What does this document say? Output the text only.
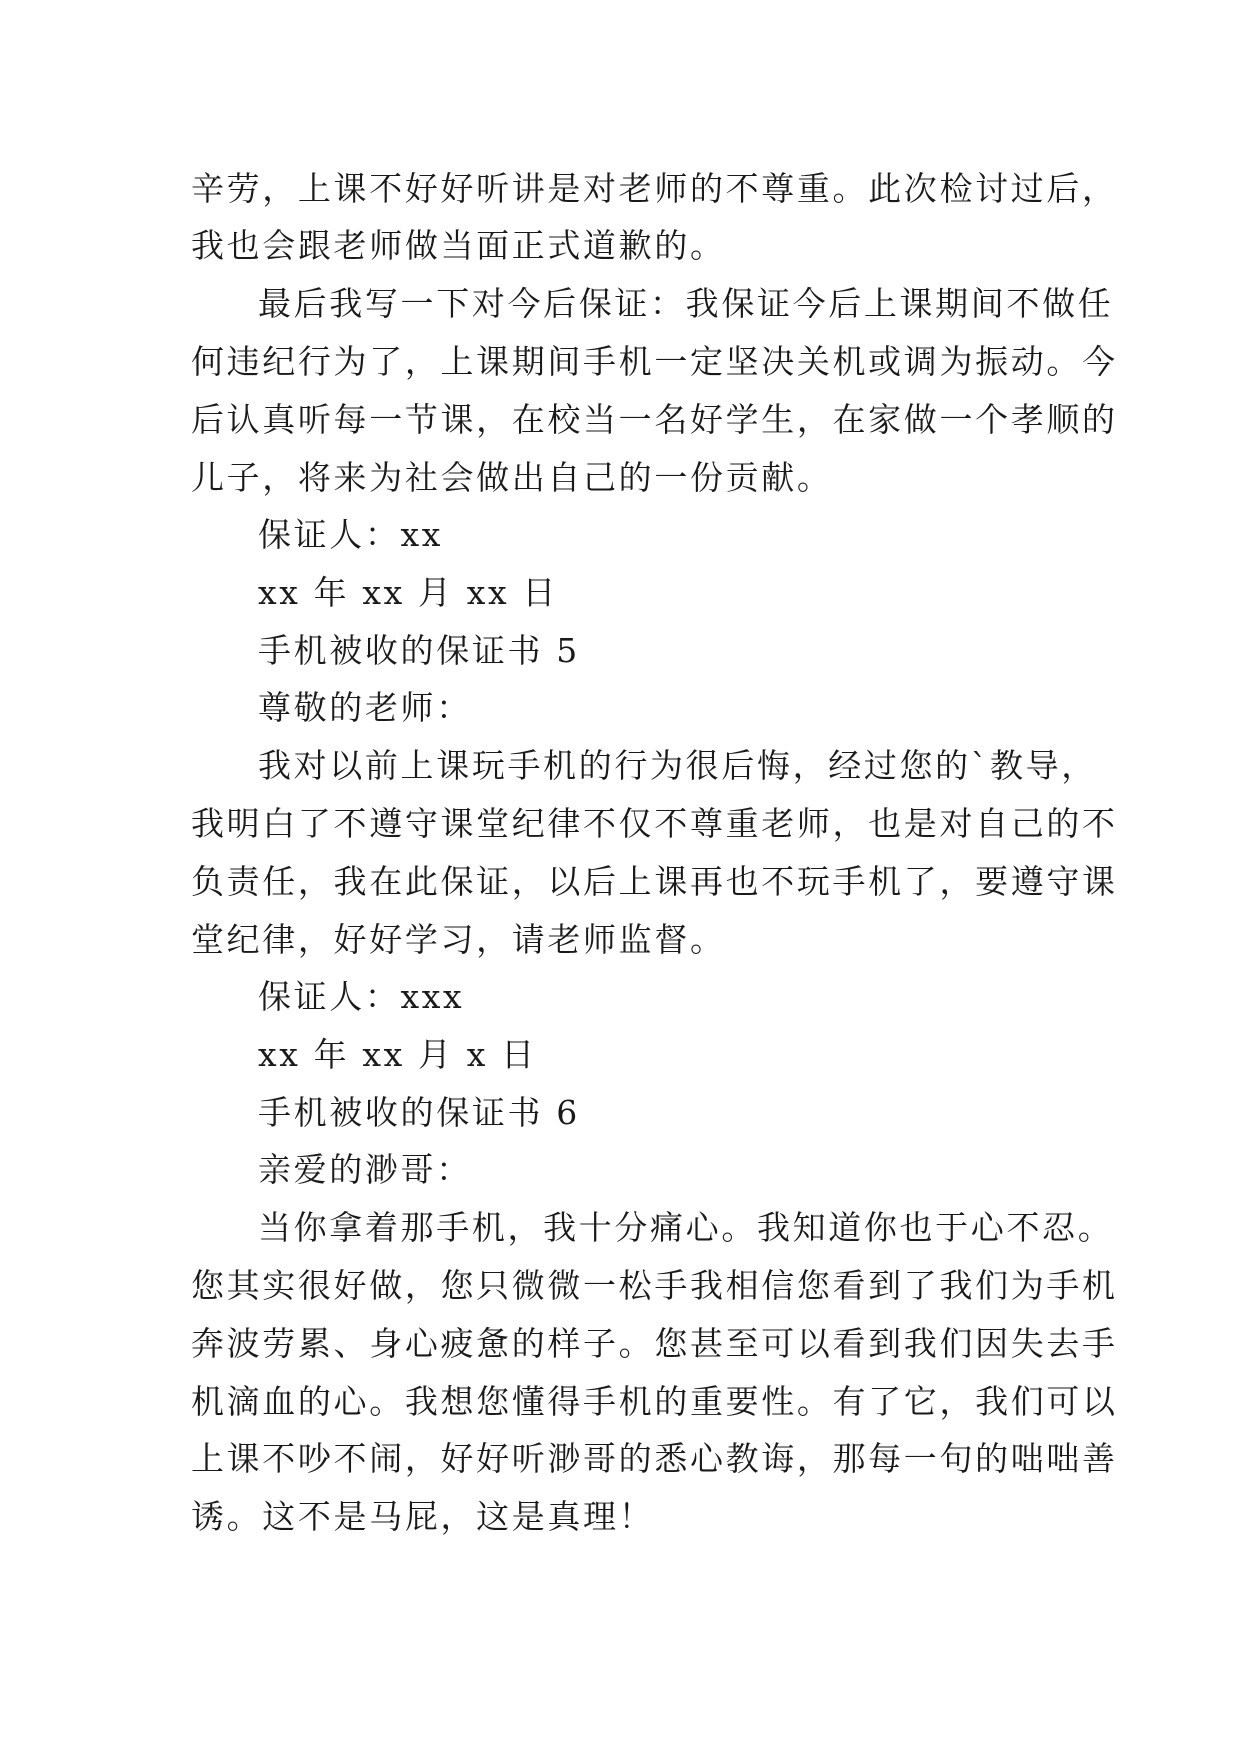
辛劳，上课不好好听讲是对老师的不尊重。此次检讨过后，

我也会跟老师做当面正式道歉的。

最后我写一下对今后保证：我保证今后上课期间不做任

何违纪行为了，上课期间手机一定坚决关机或调为振动。今

后认真听每一节课，在校当一名好学生，在家做一个孝顺的

儿子，将来为社会做出自己的一份贡献。

保证人：xx

xx 年 xx 月 xx 日

手机被收的保证书 5

尊敬的老师：

我对以前上课玩手机的行为很后悔，经过您的`教导，

我明白了不遵守课堂纪律不仅不尊重老师，也是对自己的不

负责任，我在此保证，以后上课再也不玩手机了，要遵守课

堂纪律，好好学习，请老师监督。

保证人：xxx

xx 年 xx 月 x 日

手机被收的保证书 6

亲爱的渺哥：

当你拿着那手机，我十分痛心。我知道你也于心不忍。

您其实很好做，您只微微一松手我相信您看到了我们为手机

奔波劳累、身心疲惫的样子。您甚至可以看到我们因失去手

机滴血的心。我想您懂得手机的重要性。有了它，我们可以

上课不吵不闹，好好听渺哥的悉心教诲，那每一句的咄咄善

诱。这不是马屁，这是真理！
